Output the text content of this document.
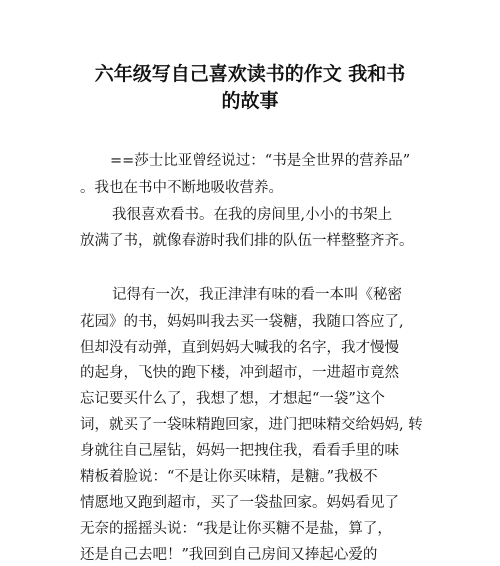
六年级写自己喜欢读书的作文 我和书
的故事

==莎士比亚曾经说过：“书是全世界的营养品”

。我也在书中不断地吸收营养。

我很喜欢看书。在我的房间里,小小的书架上

放满了书，就像春游时我们排的队伍一样整整齐齐。

记得有一次，我正津津有味的看一本叫《秘密

花园》的书，妈妈叫我去买一袋糖，我随口答应了,

但却没有动弹，直到妈妈大喊我的名字，我才慢慢

的起身，飞快的跑下楼，冲到超市，一进超市竟然

忘记要买什么了，我想了想，才想起“一袋”这个

词，就买了一袋味精跑回家，进门把味精交给妈妈, 转

身就往自己屋钻，妈妈一把拽住我，看看手里的味

精板着脸说：“不是让你买味精，是糖。”我极不

情愿地又跑到超市，买了一袋盐回家。妈妈看见了

无奈的摇摇头说：“我是让你买糖不是盐，算了，

还是自己去吧！”我回到自己房间又捧起心爱的
